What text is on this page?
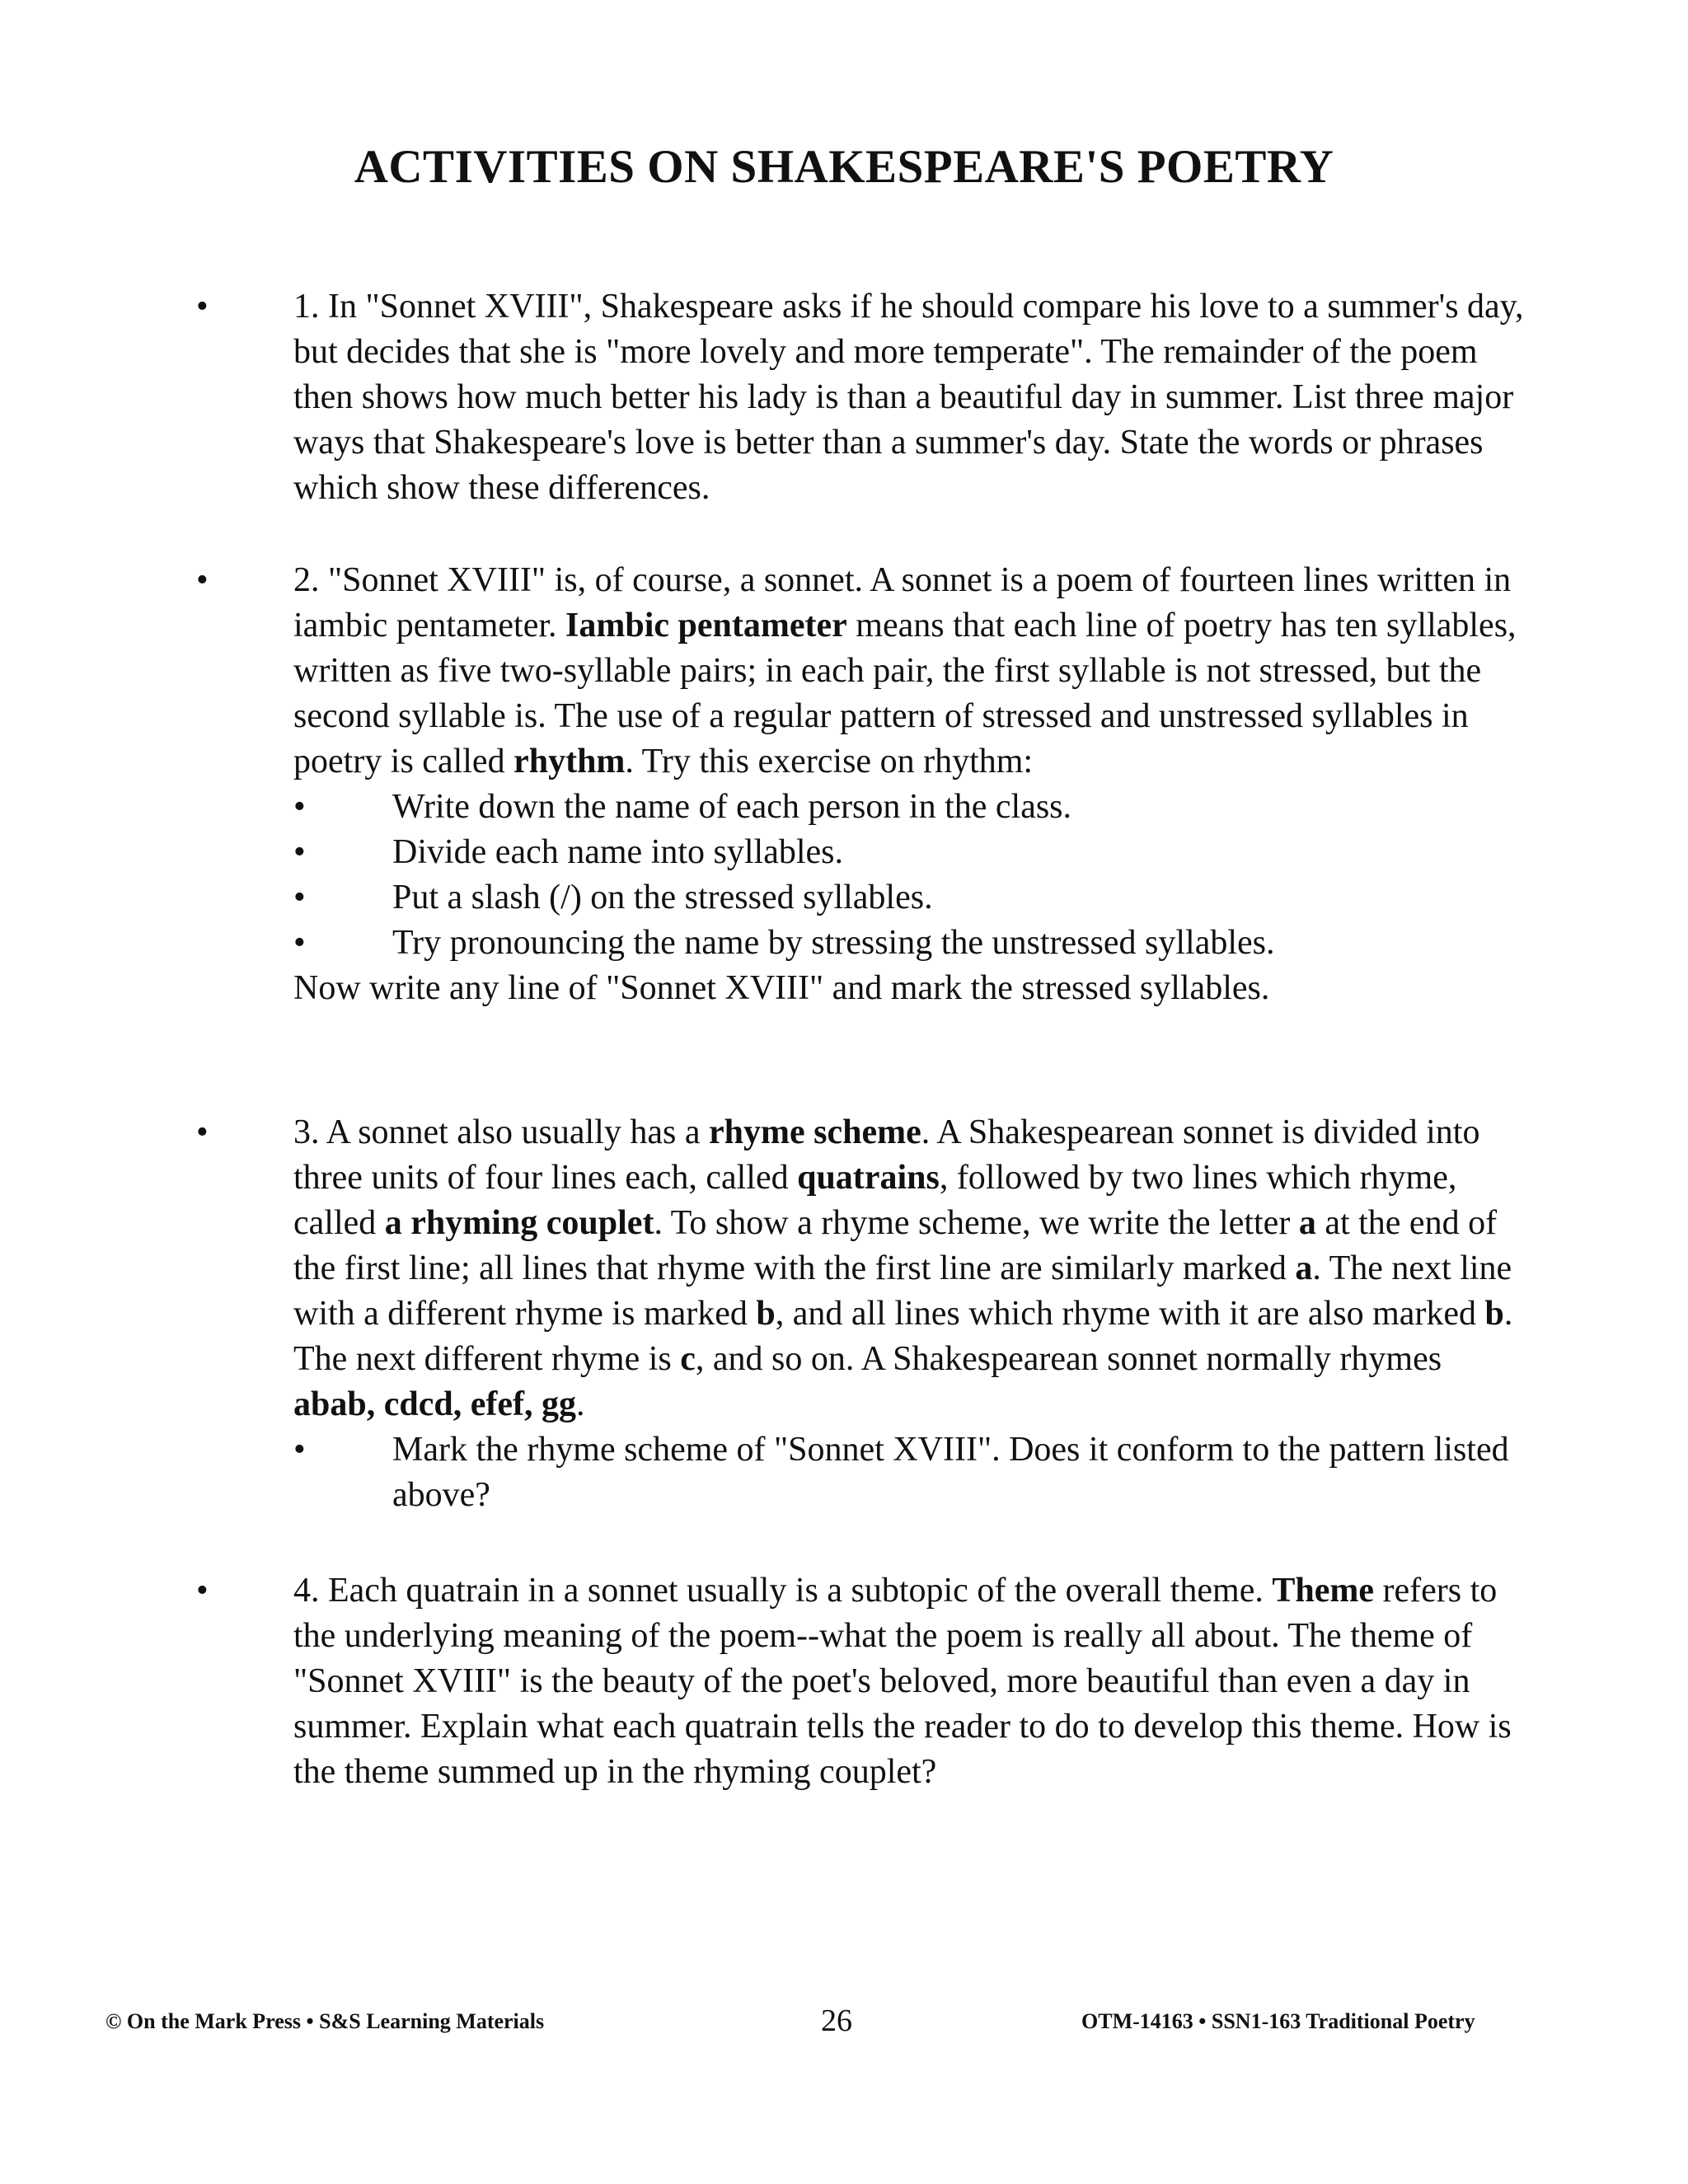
ACTIVITIES ON SHAKESPEARE'S POETRY
• 1. In "Sonnet XVIII", Shakespeare asks if he should compare his love to a summer's day, but decides that she is "more lovely and more temperate". The remainder of the poem then shows how much better his lady is than a beautiful day in summer. List three major ways that Shakespeare's love is better than a summer's day. State the words or phrases which show these differences.

• 2. "Sonnet XVIII" is, of course, a sonnet. A sonnet is a poem of fourteen lines written in iambic pentameter. Iambic pentameter means that each line of poetry has ten syllables, written as five two-syllable pairs; in each pair, the first syllable is not stressed, but the second syllable is. The use of a regular pattern of stressed and unstressed syllables in poetry is called rhythm. Try this exercise on rhythm:

•	Write down the name of each person in the class.

•	Divide each name into syllables.

•	Put a slash (/) on the stressed syllables.

•	Try pronouncing the name by stressing the unstressed syllables.

Now write any line of "Sonnet XVIII" and mark the stressed syllables.

• 3. A sonnet also usually has a rhyme scheme. A Shakespearean sonnet is divided into three units of four lines each, called quatrains, followed by two lines which rhyme, called a rhyming couplet. To show a rhyme scheme, we write the letter a at the end of the first line; all lines that rhyme with the first line are similarly marked a. The next line with a different rhyme is marked b, and all lines which rhyme with it are also marked b. The next different rhyme is c, and so on. A Shakespearean sonnet normally rhymes abab, cdcd, efef, gg.

•	Mark the rhyme scheme of "Sonnet XVIII". Does it conform to the pattern listed above?

• 4. Each quatrain in a sonnet usually is a subtopic of the overall theme. Theme refers to the underlying meaning of the poem--what the poem is really all about. The theme of "Sonnet XVIII" is the beauty of the poet's beloved, more beautiful than even a day in summer. Explain what each quatrain tells the reader to do to develop this theme. How is the theme summed up in the rhyming couplet?

© On the Mark Press • S&S Learning Materials	26	OTM-14163 • SSN1-163 Traditional Poetry
